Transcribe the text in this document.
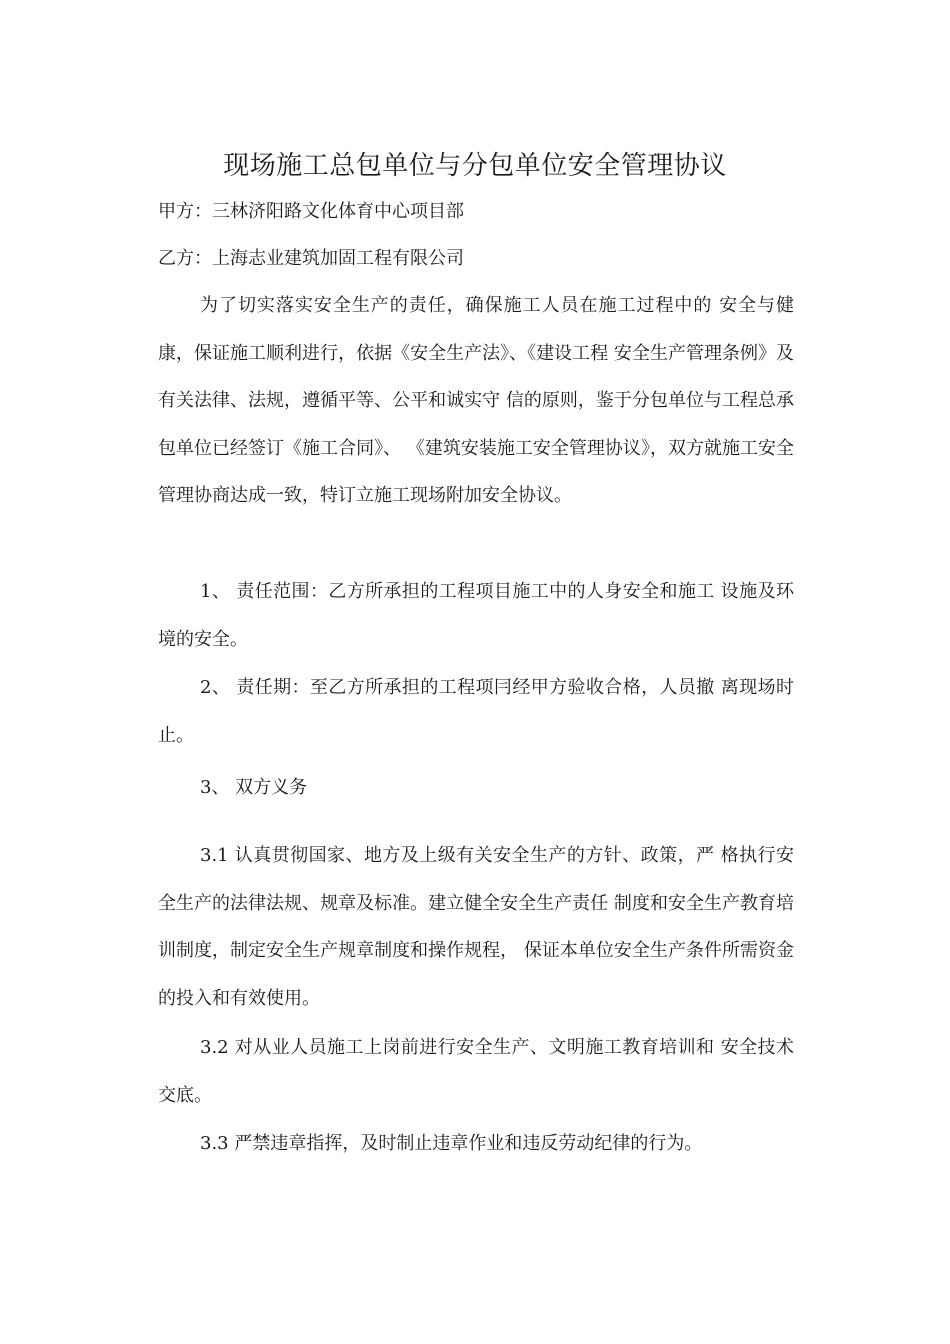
现场施工总包单位与分包单位安全管理协议

甲方：三林济阳路文化体育中心项目部

乙方：上海志业建筑加固工程有限公司

为了切实落实安全生产的责任，确保施工人员在施工过程中的 安全与健康，保证施工顺利进行，依据《安全生产法》、《建设工程 安全生产管理条例》及有关法律、法规，遵循平等、公平和诚实守 信的原则，鉴于分包单位与工程总承包单位已经签订《施工合同》、 《建筑安装施工安全管理协议》，双方就施工安全管理协商达成一致，特订立施工现场附加安全协议。

1、 责任范围：乙方所承担的工程项目施工中的人身安全和施工 设施及环境的安全。

2、 责任期：至乙方所承担的工程项冃经甲方验收合格，人员撤 离现场时止。

3、 双方义务

3.1 认真贯彻国家、地方及上级有关安全生产的方针、政策，严 格执行安全生产的法律法规、规章及标准。建立健全安全生产责任 制度和安全生产教育培训制度，制定安全生产规章制度和操作规程， 保证本单位安全生产条件所需资金的投入和有效使用。

3.2 对从业人员施工上岗前进行安全生产、文明施工教育培训和 安全技术交底。

3.3 严禁违章指挥，及时制止违章作业和违反劳动纪律的行为。
